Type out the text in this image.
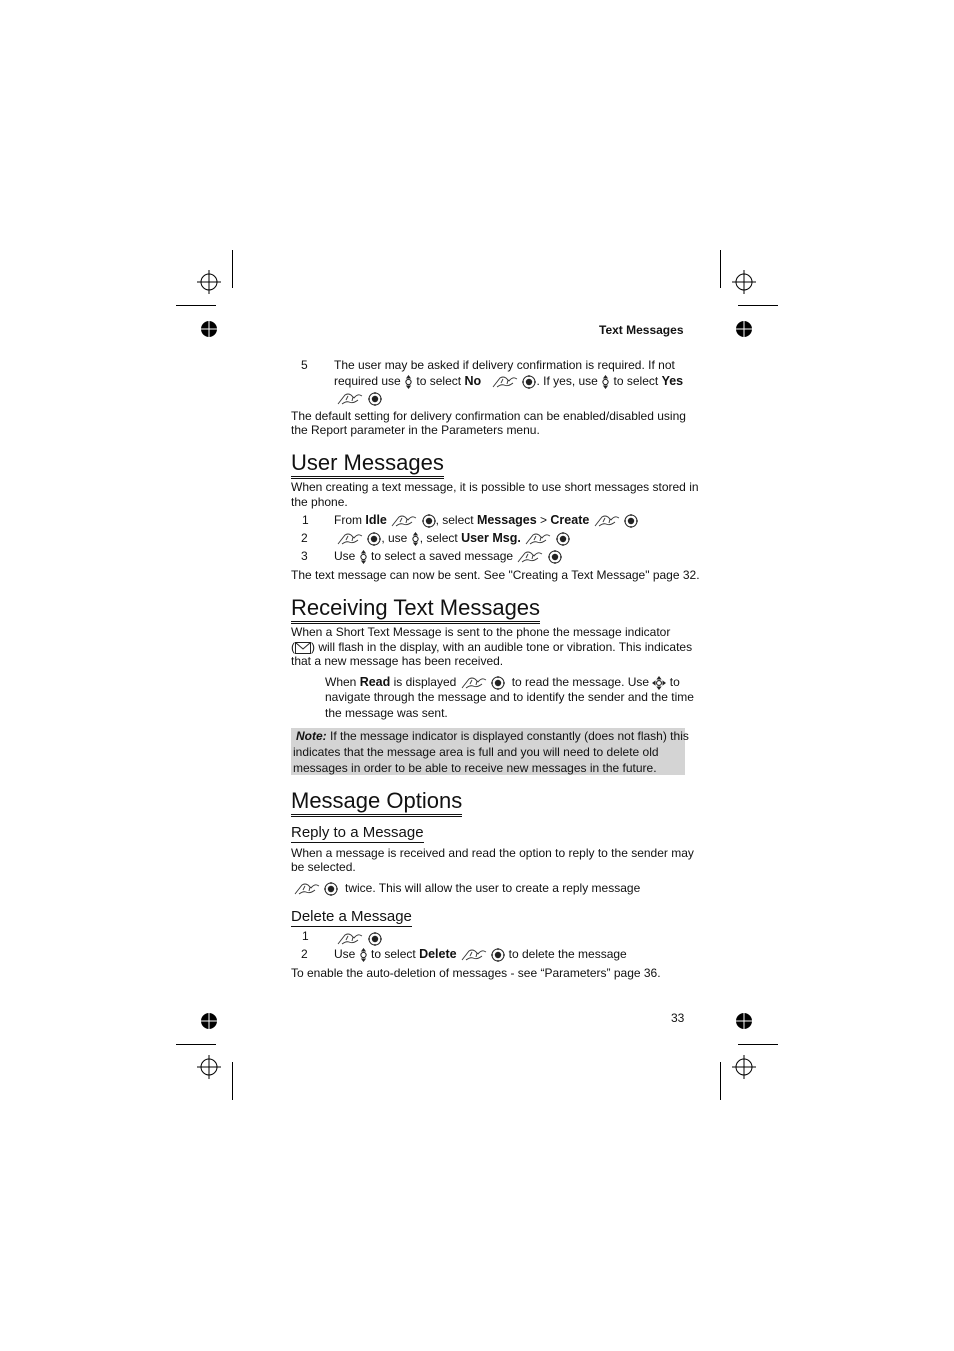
Text Messages
5 The user may be asked if delivery confirmation is required. If not
required use to select No	. If yes, use to select Yes

The default setting for delivery confirmation can be enabled/disabled using
the Report parameter in the Parameters menu.
User Messages
When creating a text message, it is possible to use short messages stored in
the phone.
1 From Idle	, select Messages > Create
2	, use , select User Msg.
3 Use to select a saved message
The text message can now be sent. See "Creating a Text Message" page 32.
Receiving Text Messages
When a Short Text Message is sent to the phone the message indicator
( ) will flash in the display, with an audible tone or vibration. This indicates
that a new message has been received.
When Read is displayed	to read the message. Use to
navigate through the message and to identify the sender and the time
the message was sent.
Note: If the message indicator is displayed constantly (does not flash) this
indicates that the message area is full and you will need to delete old
messages in order to be able to receive new messages in the future.
Message Options
Reply to a Message
When a message is received and read the option to reply to the sender may
be selected.
twice. This will allow the user to create a reply message
Delete a Message
1

2 Use to select Delete	to delete the message
To enable the auto-deletion of messages - see “Parameters” page 36.
33
